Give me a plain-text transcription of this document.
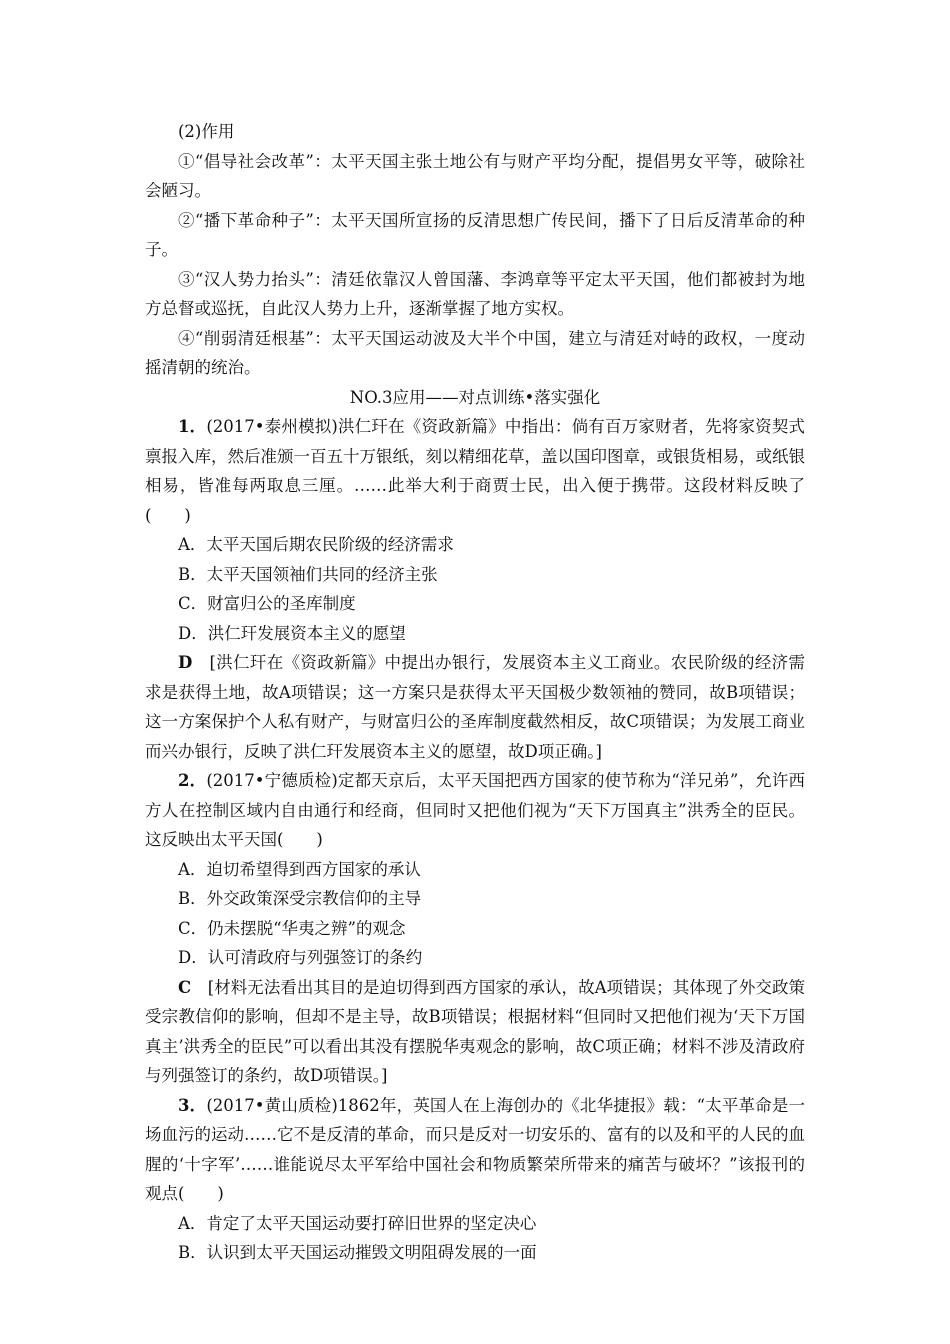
(2)作用

①“倡导社会改革”：太平天国主张土地公有与财产平均分配，提倡男女平等，破除社会陋习。

②“播下革命种子”：太平天国所宣扬的反清思想广传民间，播下了日后反清革命的种子。

③“汉人势力抬头”：清廷依靠汉人曾国藩、李鸿章等平定太平天国，他们都被封为地方总督或巡抚，自此汉人势力上升，逐渐掌握了地方实权。

④“削弱清廷根基”：太平天国运动波及大半个中国，建立与清廷对峙的政权，一度动摇清朝的统治。

NO.3应用——对点训练•落实强化

1．(2017•泰州模拟)洪仁玕在《资政新篇》中指出：倘有百万家财者，先将家资契式禀报入库，然后准颁一百五十万银纸，刻以精细花草，盖以国印图章，或银货相易，或纸银相易，皆准每两取息三厘。……此举大利于商贾士民，出入便于携带。这段材料反映了(　　)

A．太平天国后期农民阶级的经济需求

B．太平天国领袖们共同的经济主张

C．财富归公的圣库制度

D．洪仁玕发展资本主义的愿望

D　[洪仁玕在《资政新篇》中提出办银行，发展资本主义工商业。农民阶级的经济需求是获得土地，故A项错误；这一方案只是获得太平天国极少数领袖的赞同，故B项错误；这一方案保护个人私有财产，与财富归公的圣库制度截然相反，故C项错误；为发展工商业而兴办银行，反映了洪仁玕发展资本主义的愿望，故D项正确。]

2．(2017•宁德质检)定都天京后，太平天国把西方国家的使节称为“洋兄弟”，允许西方人在控制区域内自由通行和经商，但同时又把他们视为“天下万国真主”洪秀全的臣民。这反映出太平天国(　　)

A．迫切希望得到西方国家的承认

B．外交政策深受宗教信仰的主导

C．仍未摆脱“华夷之辨”的观念

D．认可清政府与列强签订的条约

C　[材料无法看出其目的是迫切得到西方国家的承认，故A项错误；其体现了外交政策受宗教信仰的影响，但却不是主导，故B项错误；根据材料“但同时又把他们视为‘天下万国真主’洪秀全的臣民”可以看出其没有摆脱华夷观念的影响，故C项正确；材料不涉及清政府与列强签订的条约，故D项错误。]

3．(2017•黄山质检)1862年，英国人在上海创办的《北华捷报》载：“太平革命是一场血污的运动……它不是反清的革命，而只是反对一切安乐的、富有的以及和平的人民的血腥的‘十字军’……谁能说尽太平军给中国社会和物质繁荣所带来的痛苦与破坏？”该报刊的观点(　　)

A．肯定了太平天国运动要打碎旧世界的坚定决心

B．认识到太平天国运动摧毁文明阻碍发展的一面
